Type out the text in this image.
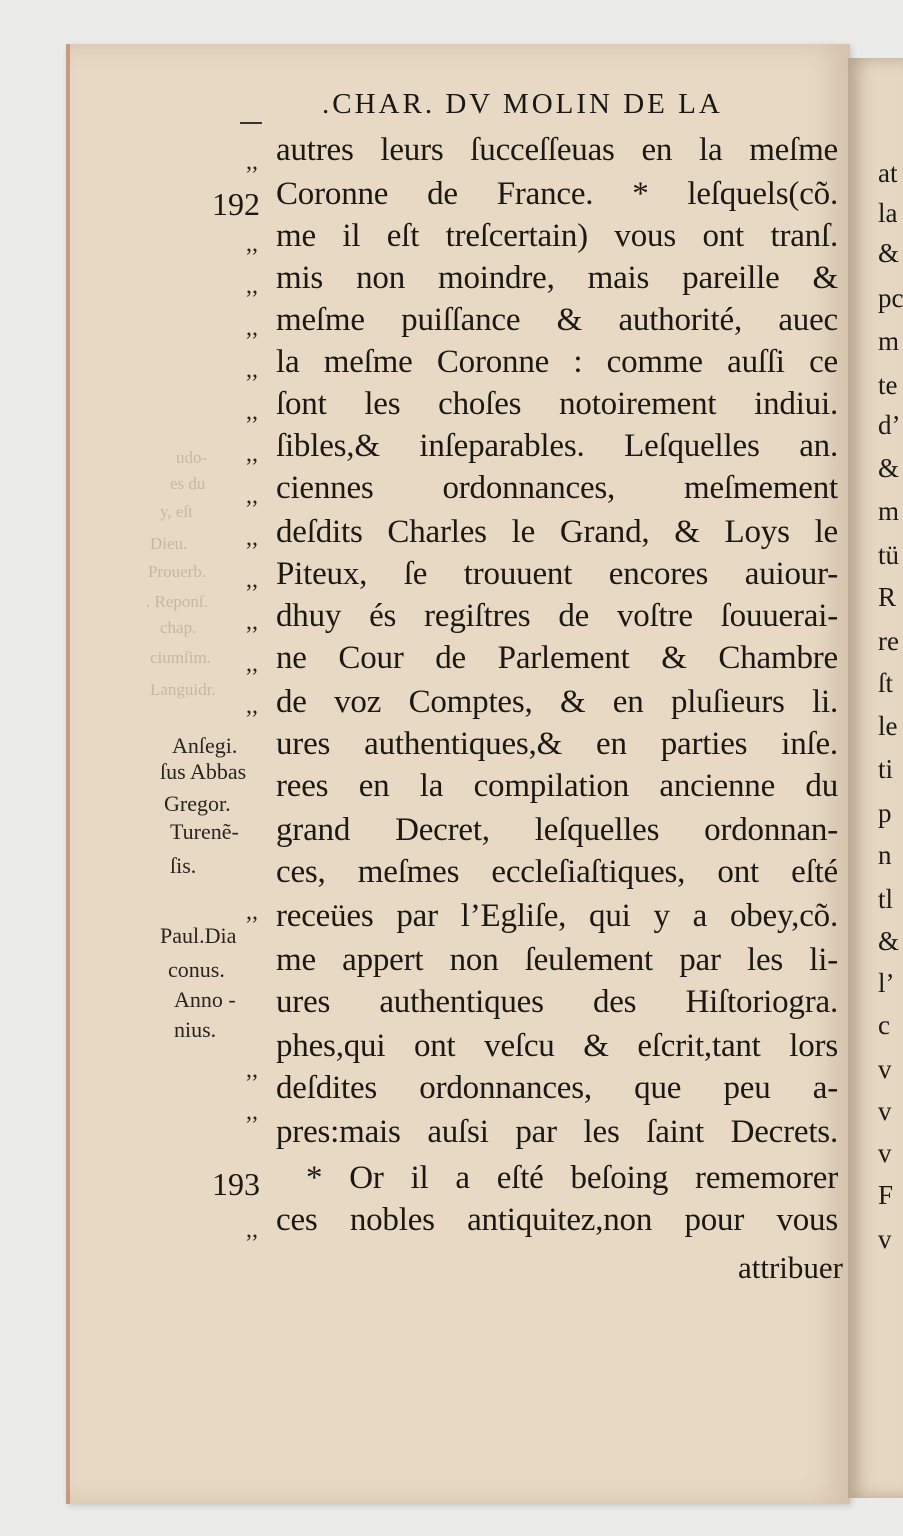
at
la
&
pc
m
te
d’
&
m
tü
R
re
ſt
le
ti
p
n
tl
&
l’
c
v
v
v
F
v
udo-
es du
y, eſt
Dieu.
Prouerb.
. Reponſ.
chap.
ciumſim.
Languidr.
.CHAR. DV MOLIN DE LA
192
193
,,
,,
,,
,,
,,
,,
,,
,,
,,
,,
,,
,,
,,
,,
,,
,,
,,
autres leurs ſucceſſeuas en la meſme
Coronne de France. * leſquels(cõ.
me il eſt treſcertain) vous ont tranſ.
mis non moindre, mais pareille &
meſme puiſſance & authorité, auec
la meſme Coronne : comme auſſi ce
ſont les choſes notoirement indiui.
ſibles,& inſeparables. Leſquelles an.
ciennes ordonnances, meſmement
deſdits Charles le Grand, & Loys le
Piteux, ſe trouuent encores auiour-
dhuy és regiſtres de voſtre ſouuerai-
ne Cour de Parlement & Chambre
de voz Comptes, & en pluſieurs li.
ures authentiques,& en parties inſe.
rees en la compilation ancienne du
grand Decret, leſquelles ordonnan-
ces, meſmes eccleſiaſtiques, ont eſté
receües par l’Egliſe, qui y a obey,cõ.
me appert non ſeulement par les li-
ures authentiques des Hiſtoriogra.
phes,qui ont veſcu & eſcrit,tant lors
deſdites ordonnances, que peu a-
pres:mais auſsi par les ſaint Decrets.
* Or il a eſté beſoing rememorer
ces nobles antiquitez,non pour vous
attribuer
Anſegi.
ſus Abbas
Gregor.
Turenẽ-
ſis.
Paul.Dia
conus.
Anno -
nius.
